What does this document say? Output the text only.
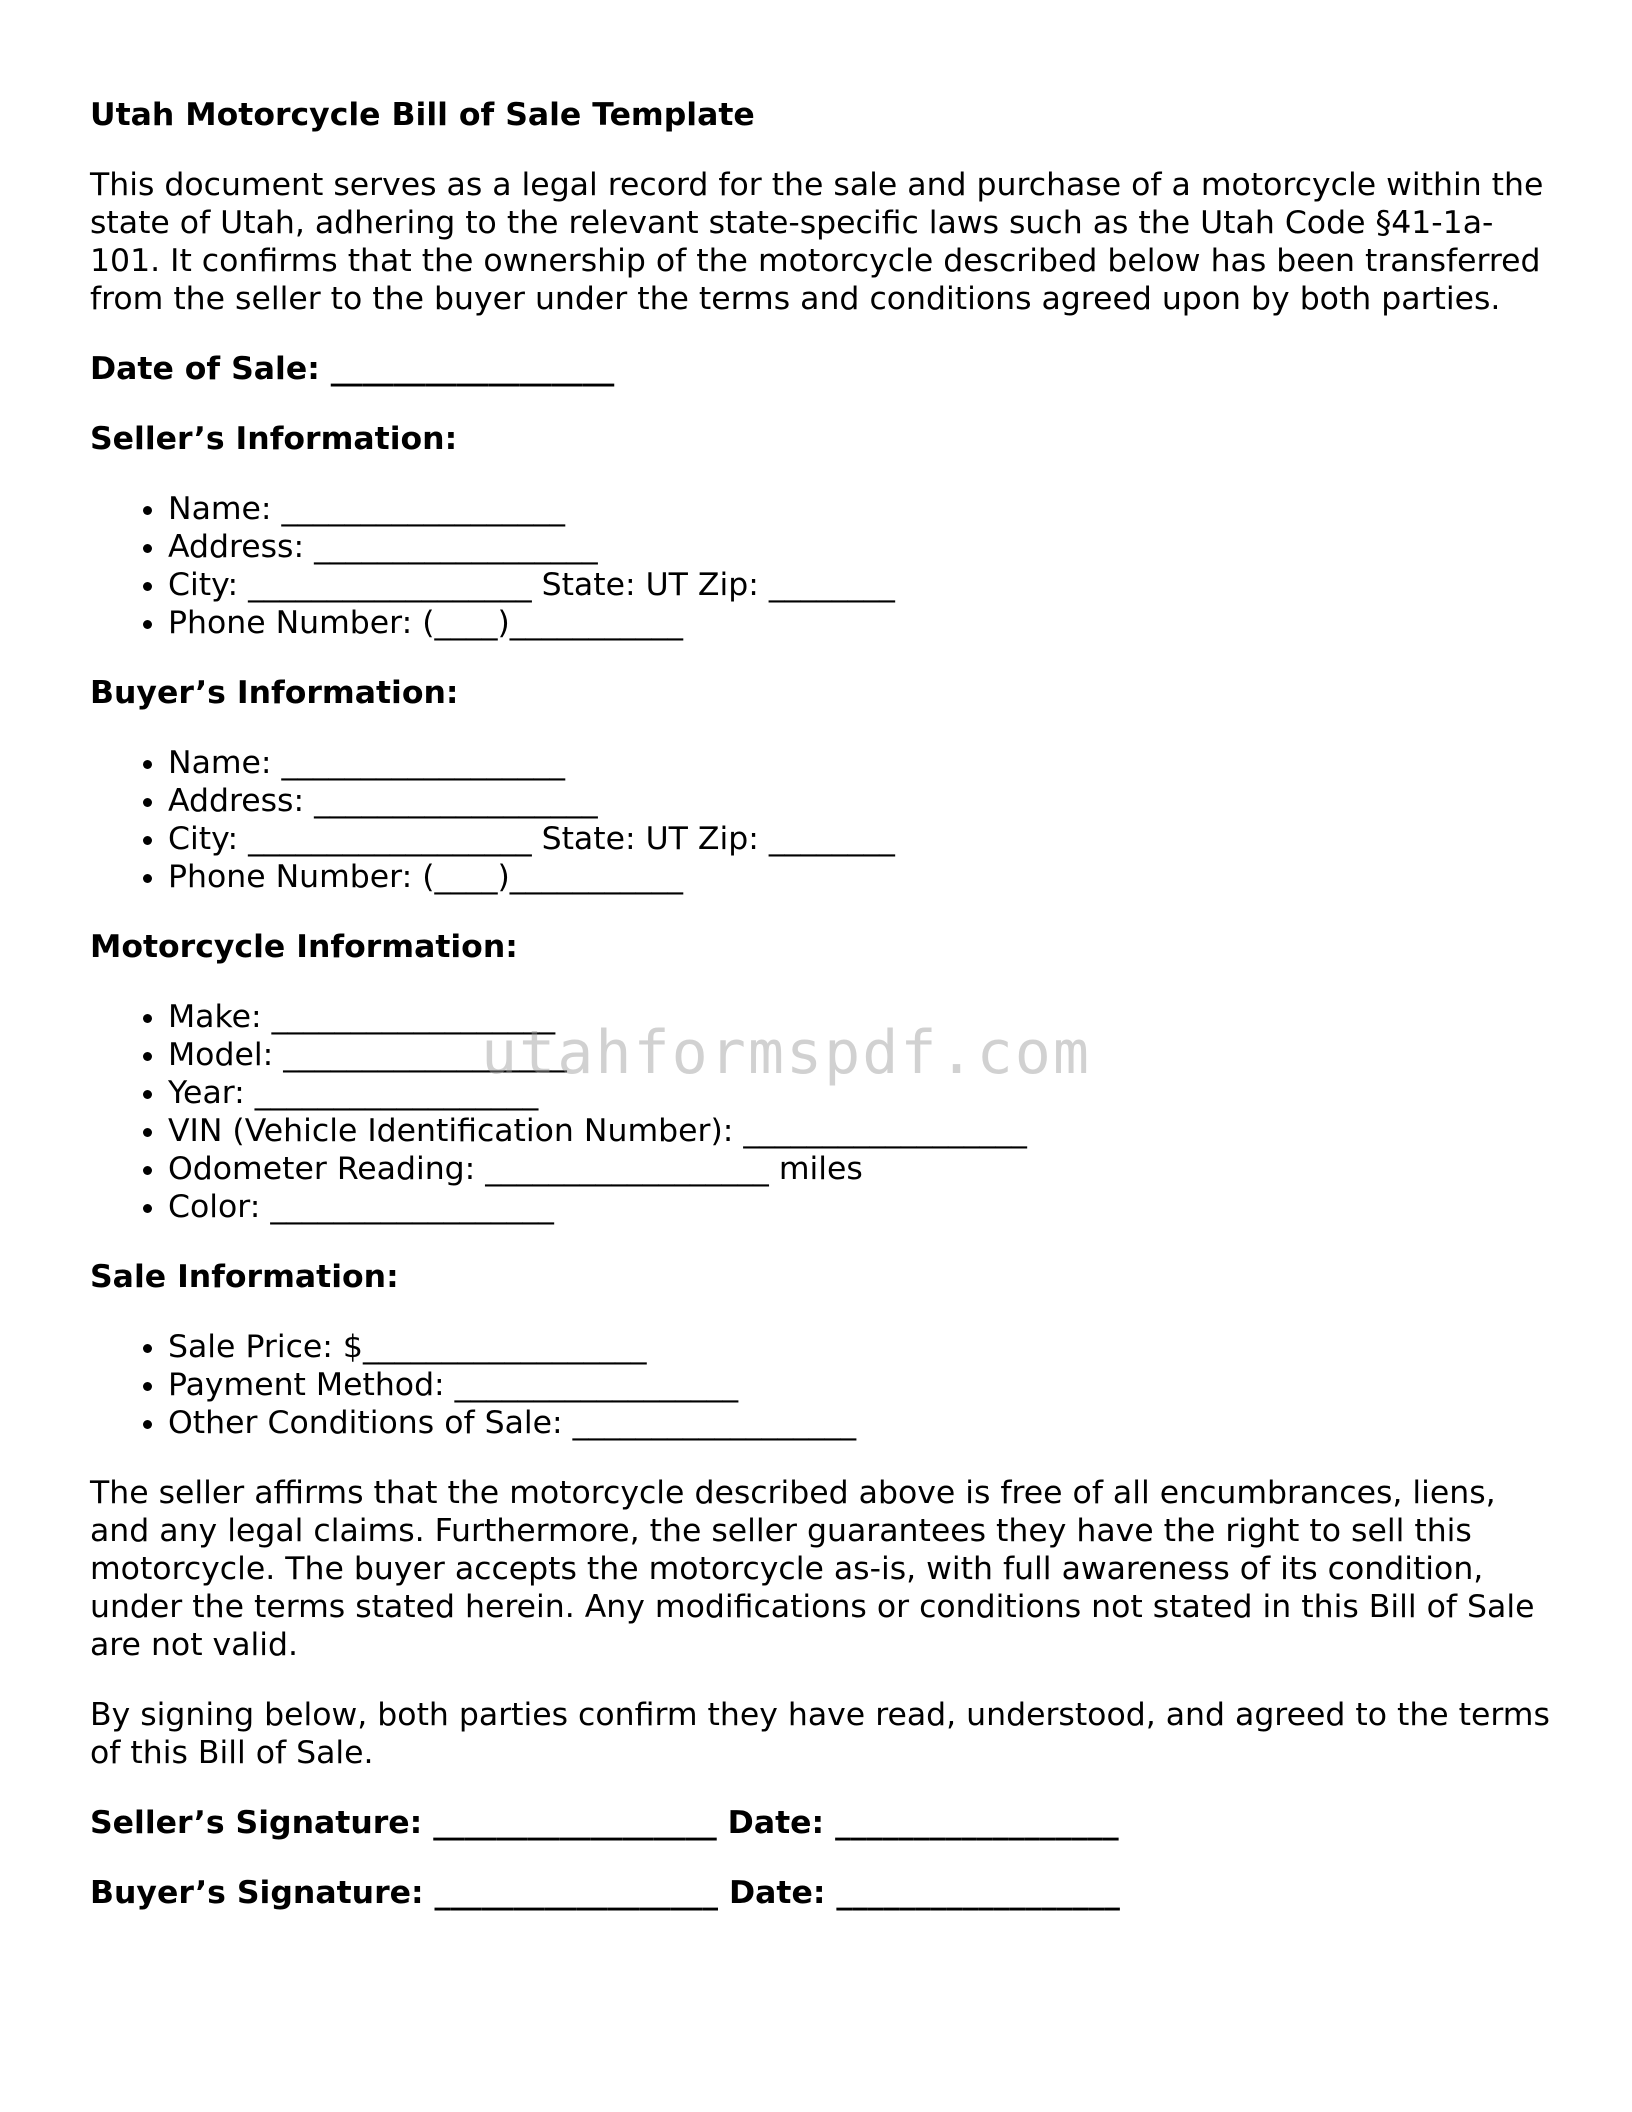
Utah Motorcycle Bill of Sale Template

This document serves as a legal record for the sale and purchase of a motorcycle within the state of Utah, adhering to the relevant state-specific laws such as the Utah Code §41-1a-101. It confirms that the ownership of the motorcycle described below has been transferred from the seller to the buyer under the terms and conditions agreed upon by both parties.

Date of Sale: __________________
Seller’s Information:
• Name: __________________
• Address: __________________
• City: __________________ State: UT Zip: ________
• Phone Number: (____)___________
Buyer’s Information:
• Name: __________________
• Address: __________________
• City: __________________ State: UT Zip: ________
• Phone Number: (____)___________
Motorcycle Information:
• Make: __________________
• Model: __________________
• Year: __________________
• VIN (Vehicle Identification Number): __________________
• Odometer Reading: __________________ miles
• Color: __________________
Sale Information:
• Sale Price: $__________________
• Payment Method: __________________
• Other Conditions of Sale: __________________

The seller affirms that the motorcycle described above is free of all encumbrances, liens, and any legal claims. Furthermore, the seller guarantees they have the right to sell this motorcycle. The buyer accepts the motorcycle as-is, with full awareness of its condition, under the terms stated herein. Any modifications or conditions not stated in this Bill of Sale are not valid.

By signing below, both parties confirm they have read, understood, and agreed to the terms of this Bill of Sale.

Seller’s Signature: __________________ Date: __________________
Buyer’s Signature: __________________ Date: __________________
utahformspdf.com
